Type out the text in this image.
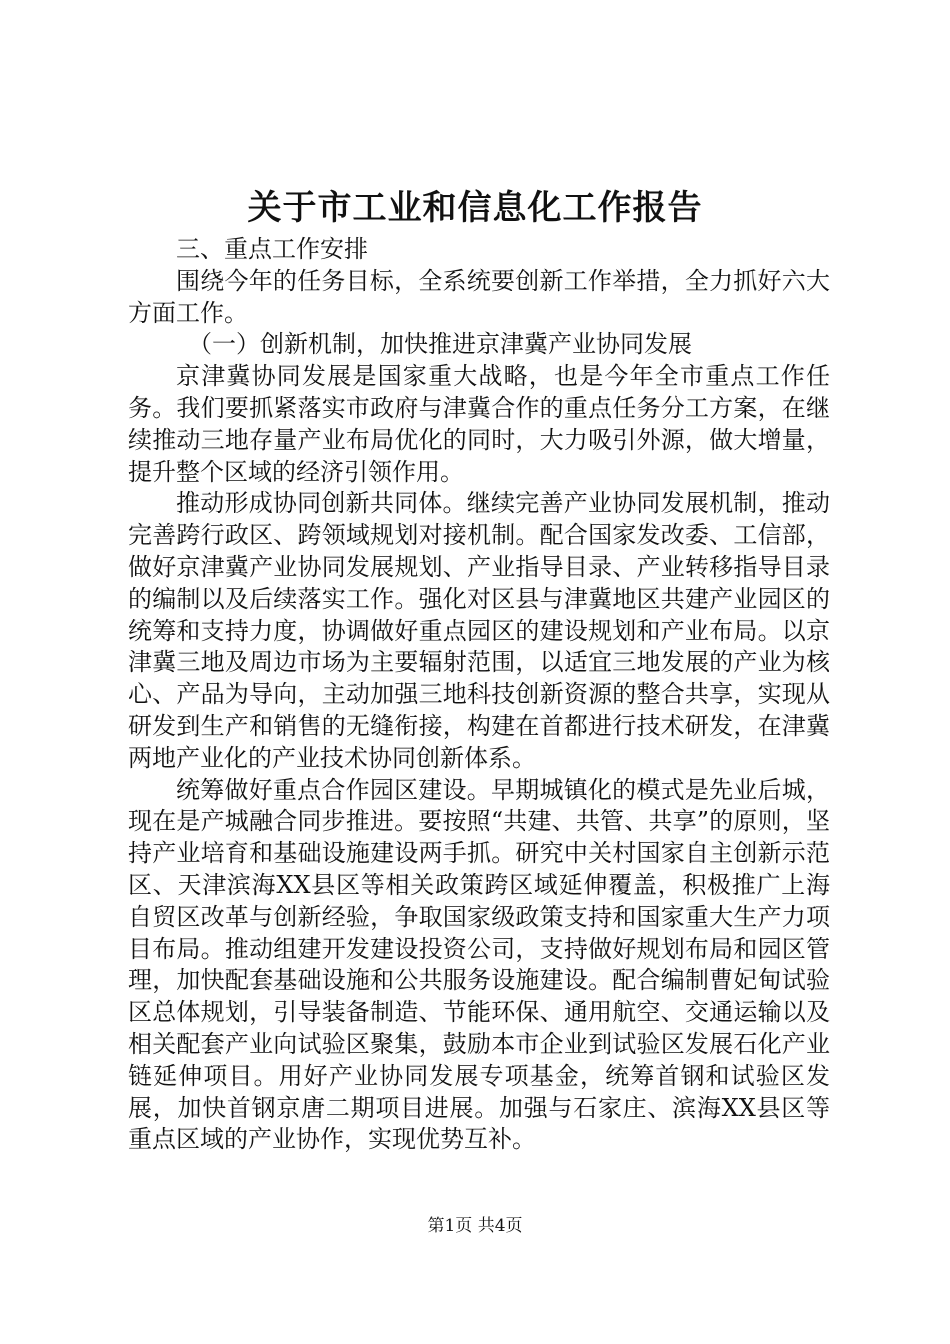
关于市工业和信息化工作报告

三、重点工作安排

围绕今年的任务目标，全系统要创新工作举措，全力抓好六大方面工作。

（一）创新机制，加快推进京津冀产业协同发展

京津冀协同发展是国家重大战略，也是今年全市重点工作任务。我们要抓紧落实市政府与津冀合作的重点任务分工方案，在继续推动三地存量产业布局优化的同时，大力吸引外源，做大增量，提升整个区域的经济引领作用。

推动形成协同创新共同体。继续完善产业协同发展机制，推动完善跨行政区、跨领域规划对接机制。配合国家发改委、工信部，做好京津冀产业协同发展规划、产业指导目录、产业转移指导目录的编制以及后续落实工作。强化对区县与津冀地区共建产业园区的统筹和支持力度，协调做好重点园区的建设规划和产业布局。以京津冀三地及周边市场为主要辐射范围，以适宜三地发展的产业为核心、产品为导向，主动加强三地科技创新资源的整合共享，实现从研发到生产和销售的无缝衔接，构建在首都进行技术研发，在津冀两地产业化的产业技术协同创新体系。

统筹做好重点合作园区建设。早期城镇化的模式是先业后城，现在是产城融合同步推进。要按照“共建、共管、共享”的原则，坚持产业培育和基础设施建设两手抓。研究中关村国家自主创新示范区、天津滨海XX县区等相关政策跨区域延伸覆盖，积极推广上海自贸区改革与创新经验，争取国家级政策支持和国家重大生产力项目布局。推动组建开发建设投资公司，支持做好规划布局和园区管理，加快配套基础设施和公共服务设施建设。配合编制曹妃甸试验区总体规划，引导装备制造、节能环保、通用航空、交通运输以及相关配套产业向试验区聚集，鼓励本市企业到试验区发展石化产业链延伸项目。用好产业协同发展专项基金，统筹首钢和试验区发展，加快首钢京唐二期项目进展。加强与石家庄、滨海XX县区等重点区域的产业协作，实现优势互补。

第1页 共4页
